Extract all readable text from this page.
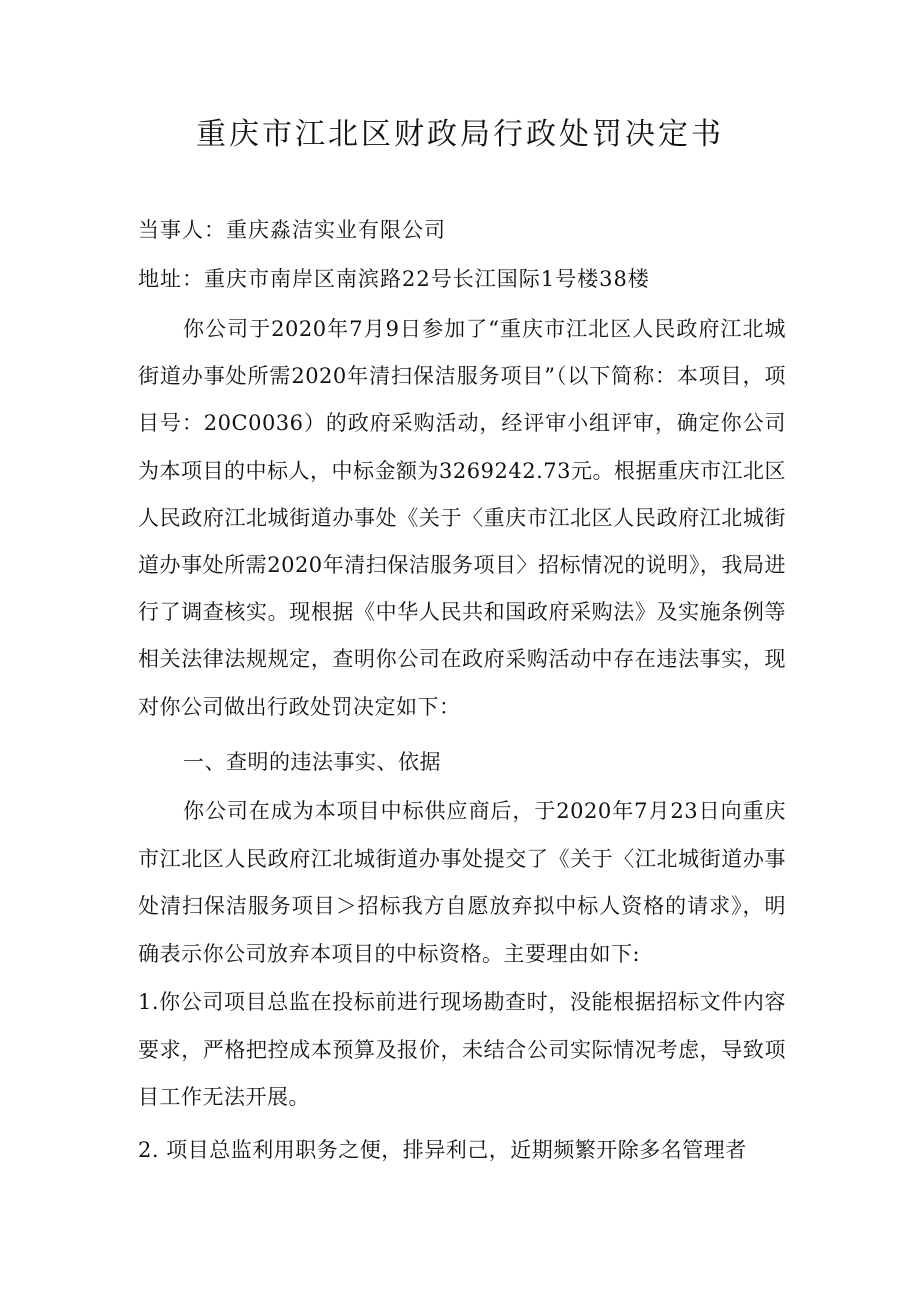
重庆市江北区财政局行政处罚决定书
当事人：重庆淼洁实业有限公司
地址：重庆市南岸区南滨路22号长江国际1号楼38楼

你公司于2020年7月9日参加了“重庆市江北区人民政府江北城街道办事处所需2020年清扫保洁服务项目”（以下简称：本项目，项目号：20C0036）的政府采购活动，经评审小组评审，确定你公司为本项目的中标人，中标金额为3269242.73元。根据重庆市江北区人民政府江北城街道办事处《关于〈重庆市江北区人民政府江北城街道办事处所需2020年清扫保洁服务项目〉招标情况的说明》，我局进行了调查核实。现根据《中华人民共和国政府采购法》及实施条例等相关法律法规规定，查明你公司在政府采购活动中存在违法事实，现对你公司做出行政处罚决定如下：

一、查明的违法事实、依据

你公司在成为本项目中标供应商后，于2020年7月23日向重庆市江北区人民政府江北城街道办事处提交了《关于〈江北城街道办事处清扫保洁服务项目＞招标我方自愿放弃拟中标人资格的请求》，明确表示你公司放弃本项目的中标资格。主要理由如下:

1.你公司项目总监在投标前进行现场勘查时，没能根据招标文件内容要求，严格把控成本预算及报价，未结合公司实际情况考虑，导致项目工作无法开展。

2. 项目总监利用职务之便，排异利己，近期频繁开除多名管理者
